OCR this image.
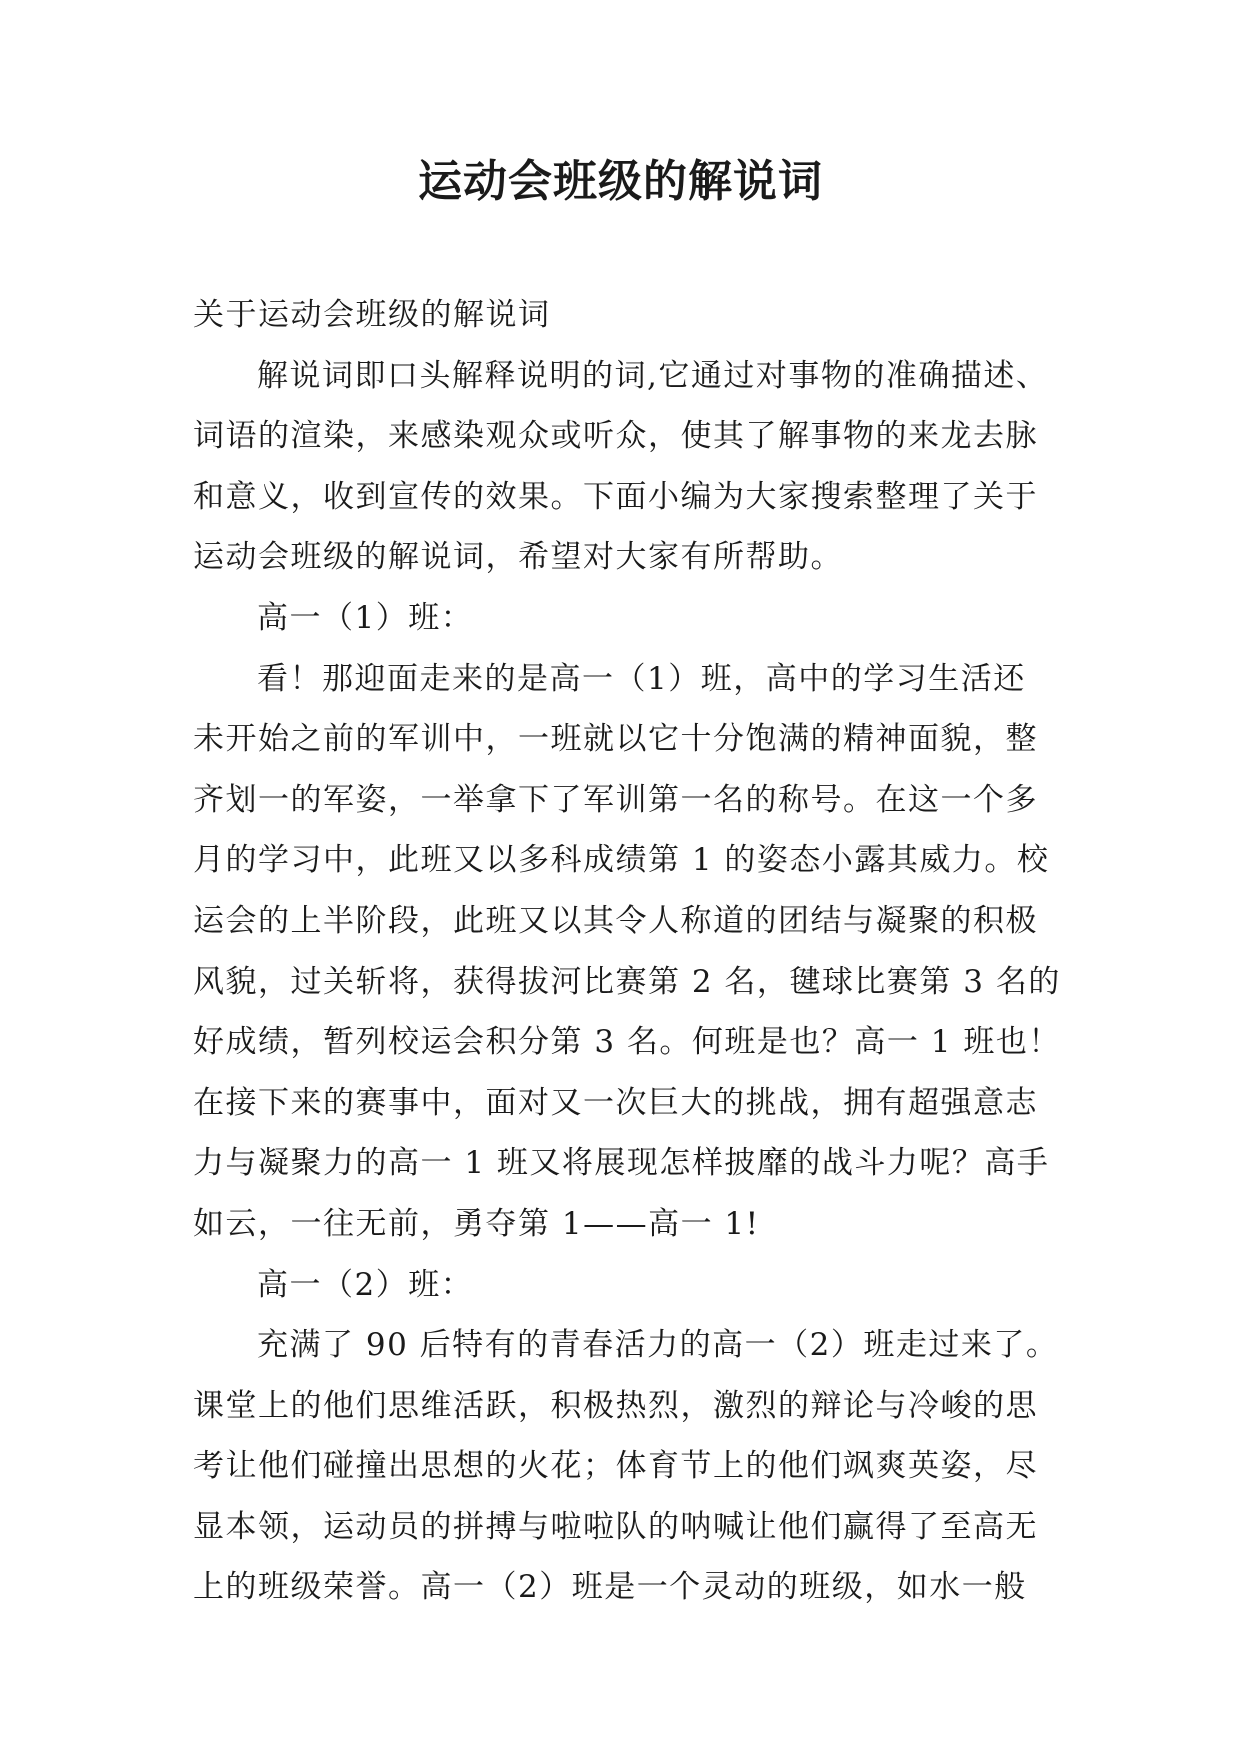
运动会班级的解说词
关于运动会班级的解说词
解说词即口头解释说明的词,它通过对事物的准确描述、
词语的渲染，来感染观众或听众，使其了解事物的来龙去脉
和意义，收到宣传的效果。下面小编为大家搜索整理了关于
运动会班级的解说词，希望对大家有所帮助。
高一（1）班：
看！那迎面走来的是高一（1）班，高中的学习生活还
未开始之前的军训中，一班就以它十分饱满的精神面貌，整
齐划一的军姿，一举拿下了军训第一名的称号。在这一个多
月的学习中，此班又以多科成绩第 1 的姿态小露其威力。校
运会的上半阶段，此班又以其令人称道的团结与凝聚的积极
风貌，过关斩将，获得拔河比赛第 2 名，毽球比赛第 3 名的
好成绩，暂列校运会积分第 3 名。何班是也？高一 1 班也！
在接下来的赛事中，面对又一次巨大的挑战，拥有超强意志
力与凝聚力的高一 1 班又将展现怎样披靡的战斗力呢？高手
如云，一往无前，勇夺第 1——高一 1!
高一（2）班：
充满了 90 后特有的青春活力的高一（2）班走过来了。
课堂上的他们思维活跃，积极热烈，激烈的辩论与冷峻的思
考让他们碰撞出思想的火花；体育节上的他们飒爽英姿，尽
显本领，运动员的拼搏与啦啦队的呐喊让他们赢得了至高无
上的班级荣誉。高一（2）班是一个灵动的班级，如水一般
